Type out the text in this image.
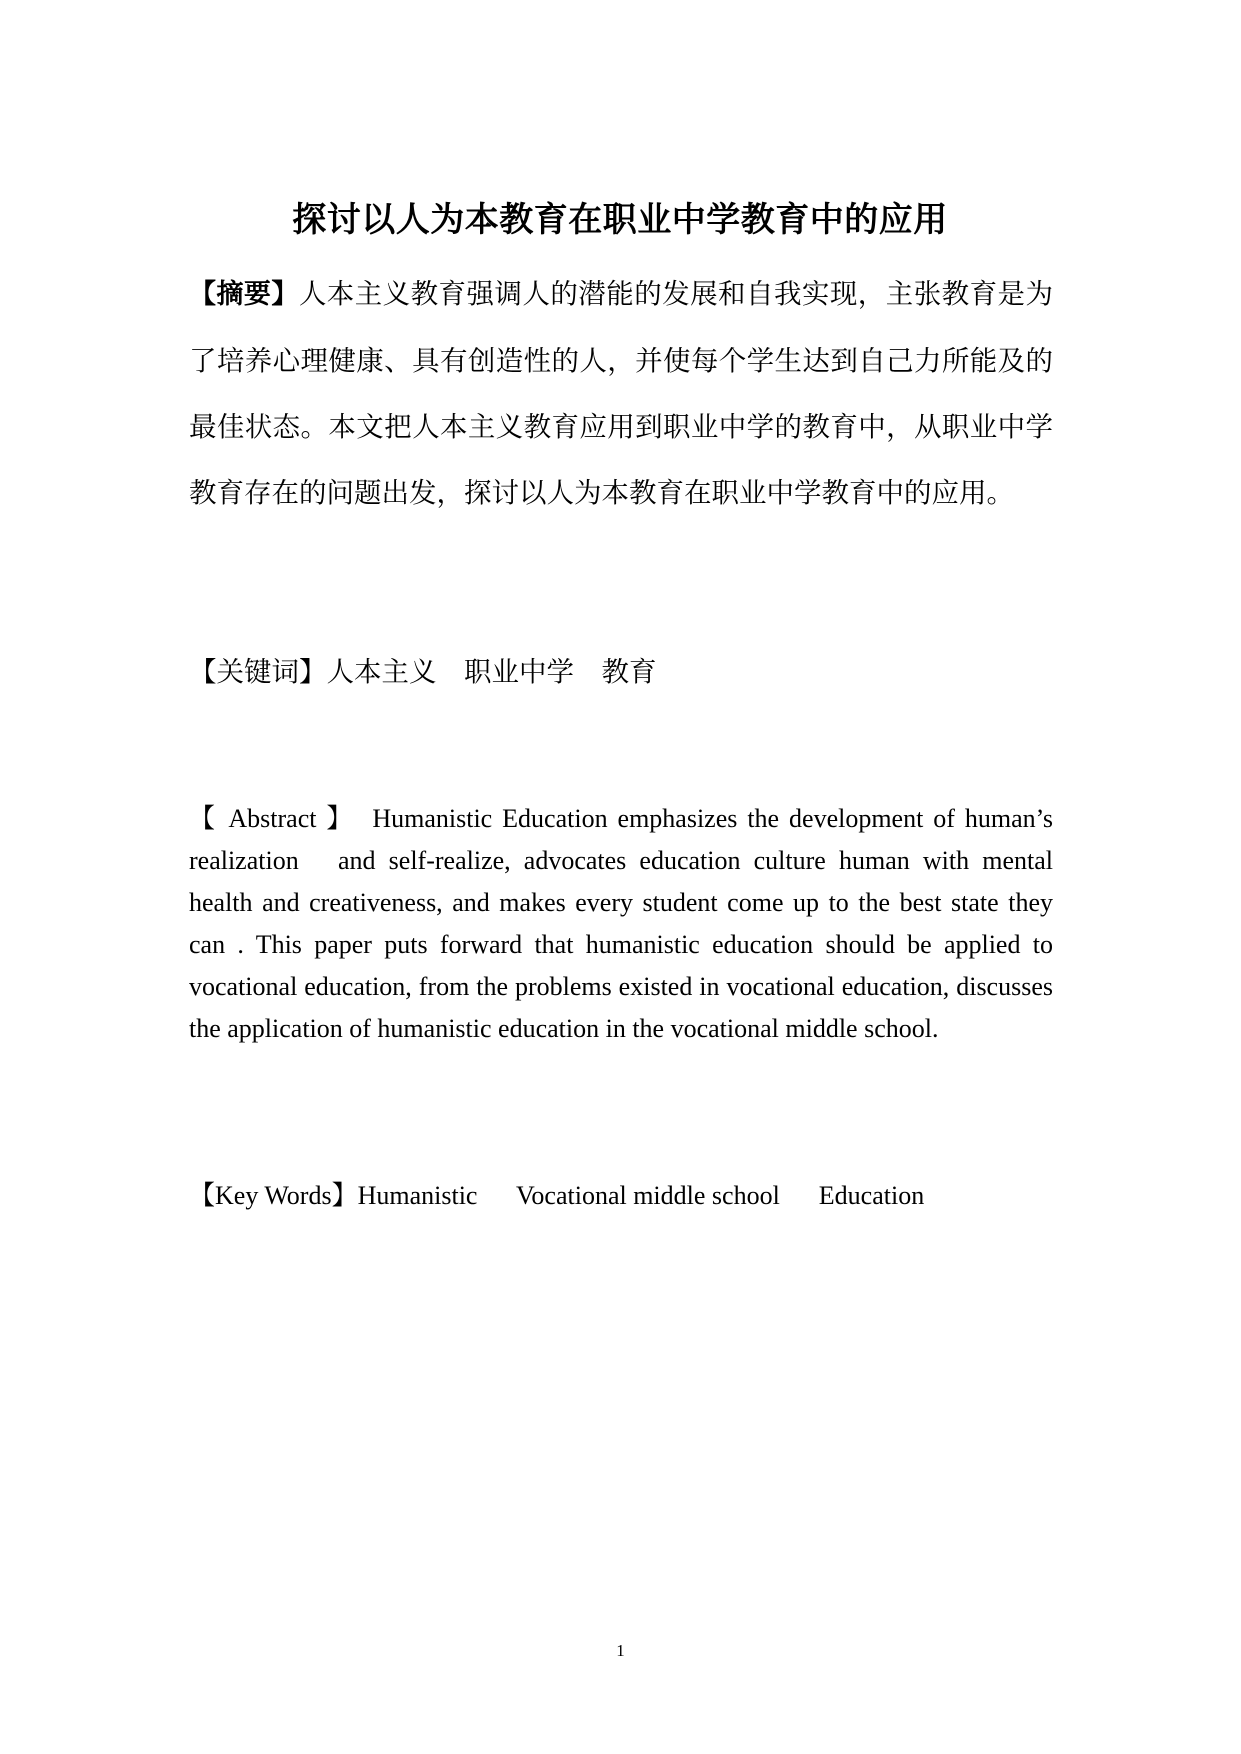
探讨以人为本教育在职业中学教育中的应用
【摘要】人本主义教育强调人的潜能的发展和自我实现，主张教育是为了培养心理健康、具有创造性的人，并使每个学生达到自己力所能及的最佳状态。本文把人本主义教育应用到职业中学的教育中，从职业中学教育存在的问题出发，探讨以人为本教育在职业中学教育中的应用。
【关键词】人本主义　职业中学　教育
【 Abstract 】　Humanistic Education emphasizes the development of human’s realization　and self-realize, advocates education culture human with mental health and creativeness, and makes every student come up to the best state they can . This paper puts forward that humanistic education should be applied to vocational education, from the problems existed in vocational education, discusses the application of humanistic education in the vocational middle school.
【Key Words】Humanistic      Vocational middle school      Education
1
